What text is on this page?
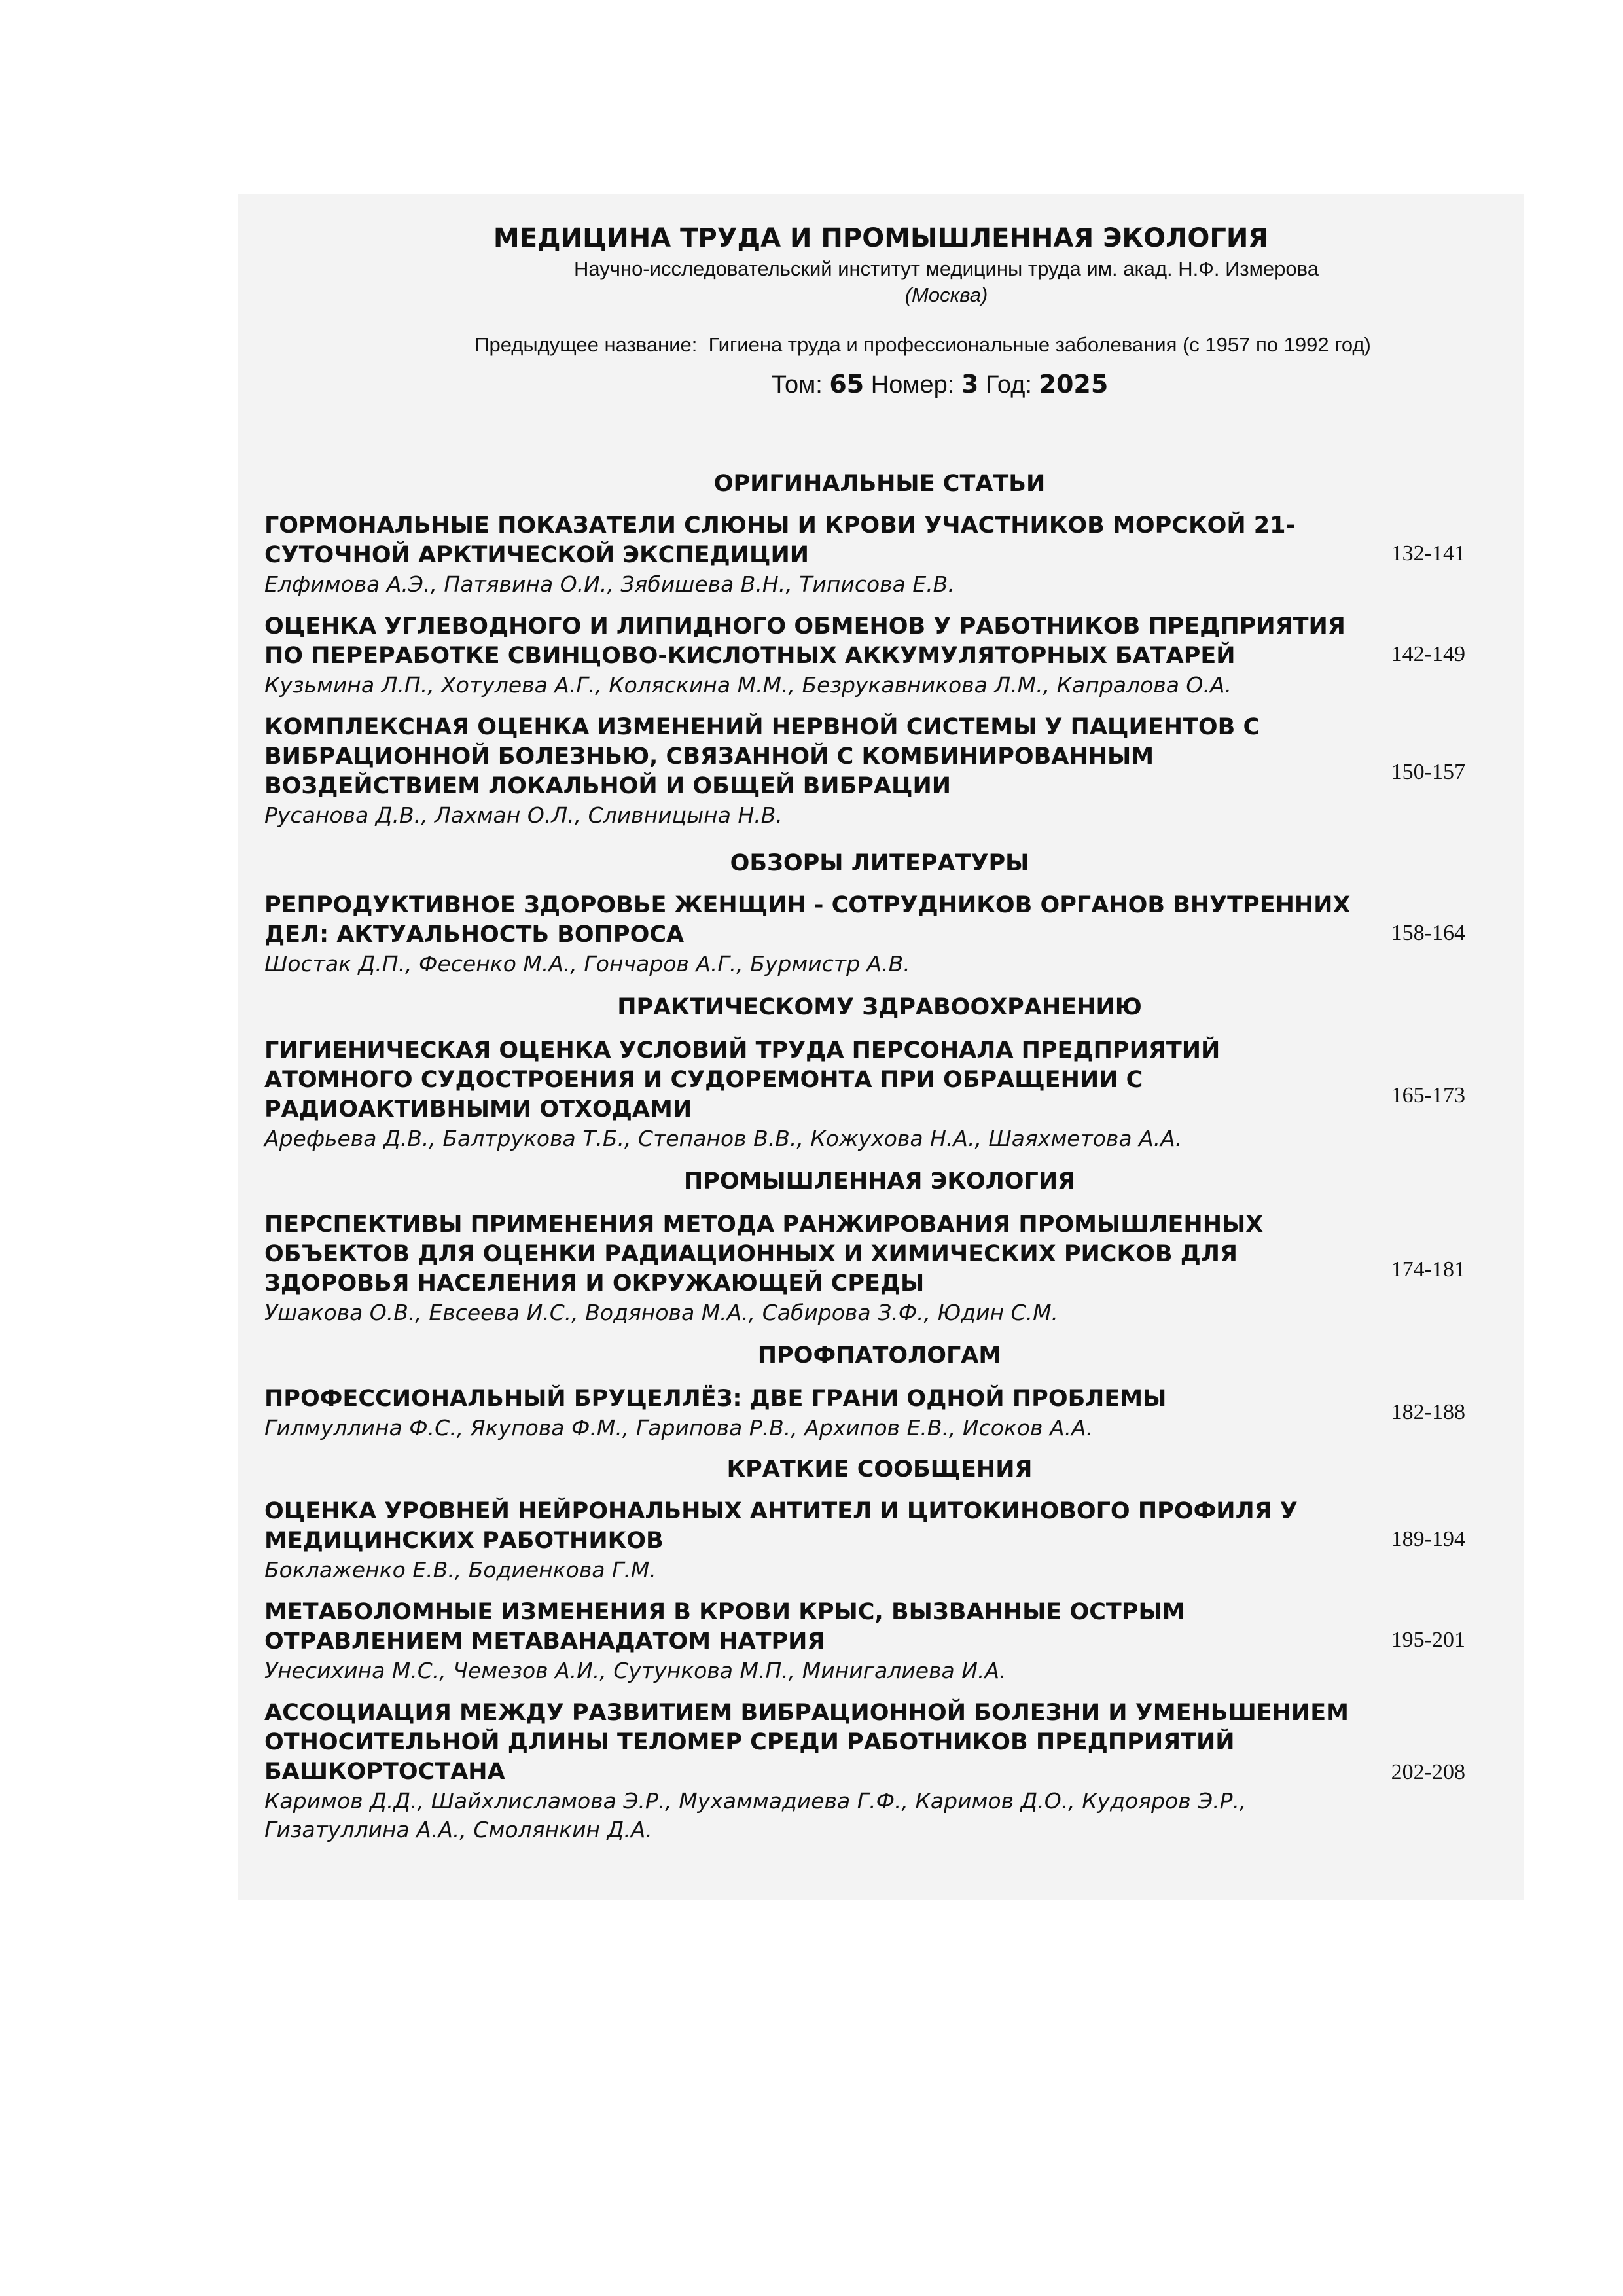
МЕДИЦИНА ТРУДА И ПРОМЫШЛЕННАЯ ЭКОЛОГИЯ
Научно-исследовательский институт медицины труда им. акад. Н.Ф. Измерова
(Москва)
Предыдущее название: Гигиена труда и профессиональные заболевания (с 1957 по 1992 год)
Том: 65 Номер: 3 Год: 2025
ОРИГИНАЛЬНЫЕ СТАТЬИ
ГОРМОНАЛЬНЫЕ ПОКАЗАТЕЛИ СЛЮНЫ И КРОВИ УЧАСТНИКОВ МОРСКОЙ 21-СУТОЧНОЙ АРКТИЧЕСКОЙ ЭКСПЕДИЦИИ
Елфимова А.Э., Патявина О.И., Зябишева В.Н., Типисова Е.В.
132-141
ОЦЕНКА УГЛЕВОДНОГО И ЛИПИДНОГО ОБМЕНОВ У РАБОТНИКОВ ПРЕДПРИЯТИЯ ПО ПЕРЕРАБОТКЕ СВИНЦОВО-КИСЛОТНЫХ АККУМУЛЯТОРНЫХ БАТАРЕЙ
Кузьмина Л.П., Хотулева А.Г., Коляскина М.М., Безрукавникова Л.М., Капралова О.А.
142-149
КОМПЛЕКСНАЯ ОЦЕНКА ИЗМЕНЕНИЙ НЕРВНОЙ СИСТЕМЫ У ПАЦИЕНТОВ С ВИБРАЦИОННОЙ БОЛЕЗНЬЮ, СВЯЗАННОЙ С КОМБИНИРОВАННЫМ ВОЗДЕЙСТВИЕМ ЛОКАЛЬНОЙ И ОБЩЕЙ ВИБРАЦИИ
Русанова Д.В., Лахман О.Л., Сливницына Н.В.
150-157
ОБЗОРЫ ЛИТЕРАТУРЫ
РЕПРОДУКТИВНОЕ ЗДОРОВЬЕ ЖЕНЩИН - СОТРУДНИКОВ ОРГАНОВ ВНУТРЕННИХ ДЕЛ: АКТУАЛЬНОСТЬ ВОПРОСА
Шостак Д.П., Фесенко М.А., Гончаров А.Г., Бурмистр А.В.
158-164
ПРАКТИЧЕСКОМУ ЗДРАВООХРАНЕНИЮ
ГИГИЕНИЧЕСКАЯ ОЦЕНКА УСЛОВИЙ ТРУДА ПЕРСОНАЛА ПРЕДПРИЯТИЙ АТОМНОГО СУДОСТРОЕНИЯ И СУДОРЕМОНТА ПРИ ОБРАЩЕНИИ С РАДИОАКТИВНЫМИ ОТХОДАМИ
Арефьева Д.В., Балтрукова Т.Б., Степанов В.В., Кожухова Н.А., Шаяхметова А.А.
165-173
ПРОМЫШЛЕННАЯ ЭКОЛОГИЯ
ПЕРСПЕКТИВЫ ПРИМЕНЕНИЯ МЕТОДА РАНЖИРОВАНИЯ ПРОМЫШЛЕННЫХ ОБЪЕКТОВ ДЛЯ ОЦЕНКИ РАДИАЦИОННЫХ И ХИМИЧЕСКИХ РИСКОВ ДЛЯ ЗДОРОВЬЯ НАСЕЛЕНИЯ И ОКРУЖАЮЩЕЙ СРЕДЫ
Ушакова О.В., Евсеева И.С., Водянова М.А., Сабирова З.Ф., Юдин С.М.
174-181
ПРОФПАТОЛОГАМ
ПРОФЕССИОНАЛЬНЫЙ БРУЦЕЛЛЁЗ: ДВЕ ГРАНИ ОДНОЙ ПРОБЛЕМЫ
Гилмуллина Ф.С., Якупова Ф.М., Гарипова Р.В., Архипов Е.В., Исоков А.А.
182-188
КРАТКИЕ СООБЩЕНИЯ
ОЦЕНКА УРОВНЕЙ НЕЙРОНАЛЬНЫХ АНТИТЕЛ И ЦИТОКИНОВОГО ПРОФИЛЯ У МЕДИЦИНСКИХ РАБОТНИКОВ
Боклаженко Е.В., Бодиенкова Г.М.
189-194
МЕТАБОЛОМНЫЕ ИЗМЕНЕНИЯ В КРОВИ КРЫС, ВЫЗВАННЫЕ ОСТРЫМ ОТРАВЛЕНИЕМ МЕТАВАНАДАТОМ НАТРИЯ
Унесихина М.С., Чемезов А.И., Сутункова М.П., Минигалиева И.А.
195-201
АССОЦИАЦИЯ МЕЖДУ РАЗВИТИЕМ ВИБРАЦИОННОЙ БОЛЕЗНИ И УМЕНЬШЕНИЕМ ОТНОСИТЕЛЬНОЙ ДЛИНЫ ТЕЛОМЕР СРЕДИ РАБОТНИКОВ ПРЕДПРИЯТИЙ БАШКОРТОСТАНА
Каримов Д.Д., Шайхлисламова Э.Р., Мухаммадиева Г.Ф., Каримов Д.О., Кудояров Э.Р., Гизатуллина А.А., Смолянкин Д.А.
202-208
